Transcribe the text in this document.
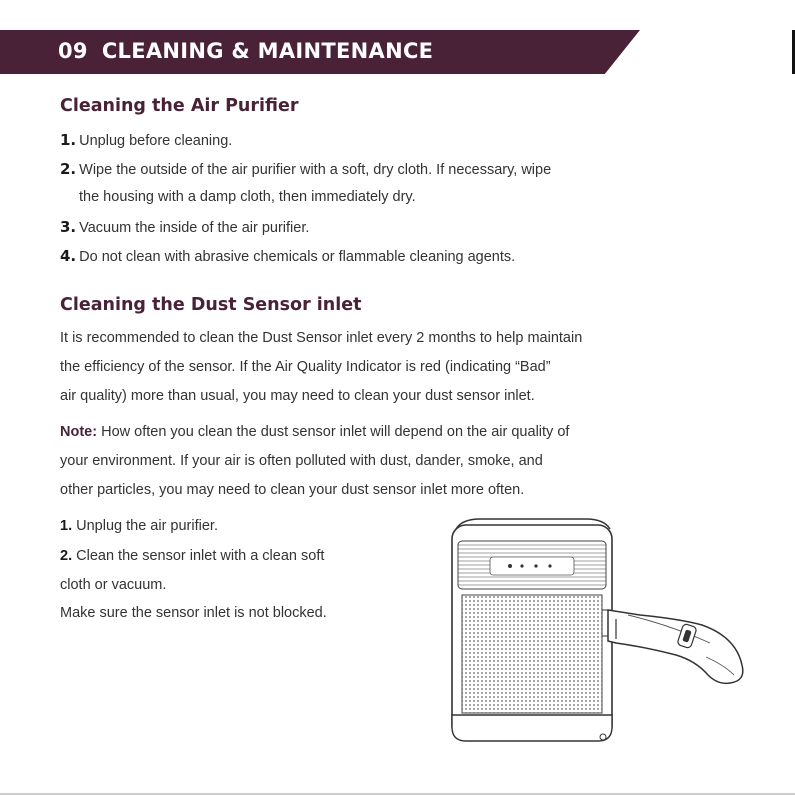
09 CLEANING & MAINTENANCE
Cleaning the Air Purifier
1. Unplug before cleaning.
2. Wipe the outside of the air purifier with a soft, dry cloth. If necessary, wipe
the housing with a damp cloth, then immediately dry.
3. Vacuum the inside of the air purifier.
4. Do not clean with abrasive chemicals or flammable cleaning agents.
Cleaning the Dust Sensor inlet
It is recommended to clean the Dust Sensor inlet every 2 months to help maintain
the efficiency of the sensor. If the Air Quality Indicator is red (indicating “Bad”
air quality) more than usual, you may need to clean your dust sensor inlet.
Note: How often you clean the dust sensor inlet will depend on the air quality of
your environment. If your air is often polluted with dust, dander, smoke, and
other particles, you may need to clean your dust sensor inlet more often.
1. Unplug the air purifier.
2. Clean the sensor inlet with a clean soft
cloth or vacuum.
Make sure the sensor inlet is not blocked.
